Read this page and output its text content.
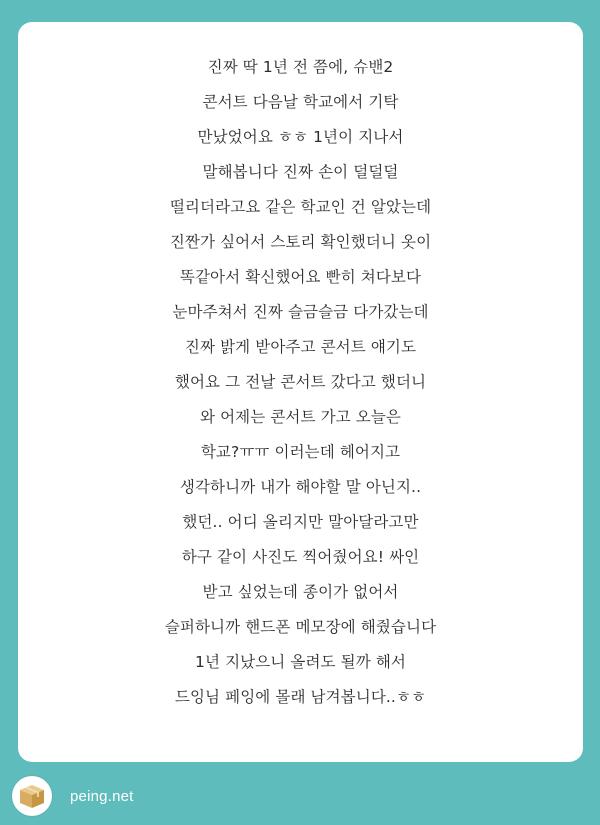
진짜 딱 1년 전 쯤에, 슈밴2
콘서트 다음날 학교에서 기탁
만났었어요 ㅎㅎ 1년이 지나서
말해봅니다 진짜 손이 덜덜덜
떨리더라고요 같은 학교인 건 알았는데
진짠가 싶어서 스토리 확인했더니 옷이
똑같아서 확신했어요 빤히 쳐다보다
눈마주쳐서 진짜 슬금슬금 다가갔는데
진짜 밝게 받아주고 콘서트 얘기도
했어요 그 전날 콘서트 갔다고 했더니
와 어제는 콘서트 가고 오늘은
학교?ㅠㅠ 이러는데 헤어지고
생각하니까 내가 해야할 말 아닌지..
했던.. 어디 올리지만 말아달라고만
하구 같이 사진도 찍어줬어요! 싸인
받고 싶었는데 종이가 없어서
슬퍼하니까 핸드폰 메모장에 해줬습니다
1년 지났으니 올려도 될까 해서
드잉님 페잉에 몰래 남겨봅니다..ㅎㅎ
peing.net
